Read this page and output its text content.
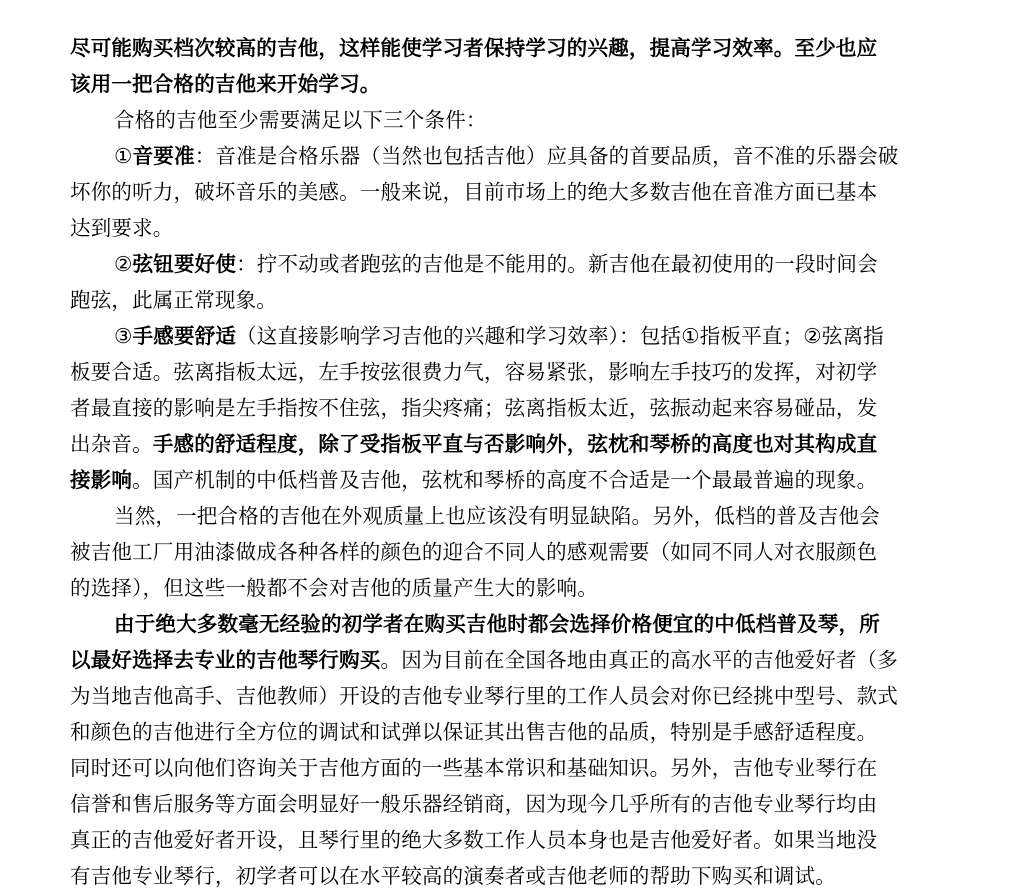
尽可能购买档次较高的吉他，这样能使学习者保持学习的兴趣，提高学习效率。至少也应
该用一把合格的吉他来开始学习。
合格的吉他至少需要满足以下三个条件：
①音要准：音准是合格乐器（当然也包括吉他）应具备的首要品质，音不准的乐器会破
坏你的听力，破坏音乐的美感。一般来说，目前市场上的绝大多数吉他在音准方面已基本
达到要求。
②弦钮要好使：拧不动或者跑弦的吉他是不能用的。新吉他在最初使用的一段时间会
跑弦，此属正常现象。
③手感要舒适（这直接影响学习吉他的兴趣和学习效率）：包括①指板平直；②弦离指
板要合适。弦离指板太远，左手按弦很费力气，容易紧张，影响左手技巧的发挥，对初学
者最直接的影响是左手指按不住弦，指尖疼痛；弦离指板太近，弦振动起来容易碰品，发
出杂音。手感的舒适程度，除了受指板平直与否影响外，弦枕和琴桥的高度也对其构成直
接影响。国产机制的中低档普及吉他，弦枕和琴桥的高度不合适是一个最最普遍的现象。
当然，一把合格的吉他在外观质量上也应该没有明显缺陷。另外，低档的普及吉他会
被吉他工厂用油漆做成各种各样的颜色的迎合不同人的感观需要（如同不同人对衣服颜色
的选择），但这些一般都不会对吉他的质量产生大的影响。
由于绝大多数毫无经验的初学者在购买吉他时都会选择价格便宜的中低档普及琴，所
以最好选择去专业的吉他琴行购买。因为目前在全国各地由真正的高水平的吉他爱好者（多
为当地吉他高手、吉他教师）开设的吉他专业琴行里的工作人员会对你已经挑中型号、款式
和颜色的吉他进行全方位的调试和试弹以保证其出售吉他的品质，特别是手感舒适程度。
同时还可以向他们咨询关于吉他方面的一些基本常识和基础知识。另外，吉他专业琴行在
信誉和售后服务等方面会明显好一般乐器经销商，因为现今几乎所有的吉他专业琴行均由
真正的吉他爱好者开设，且琴行里的绝大多数工作人员本身也是吉他爱好者。如果当地没
有吉他专业琴行，初学者可以在水平较高的演奏者或吉他老师的帮助下购买和调试。
